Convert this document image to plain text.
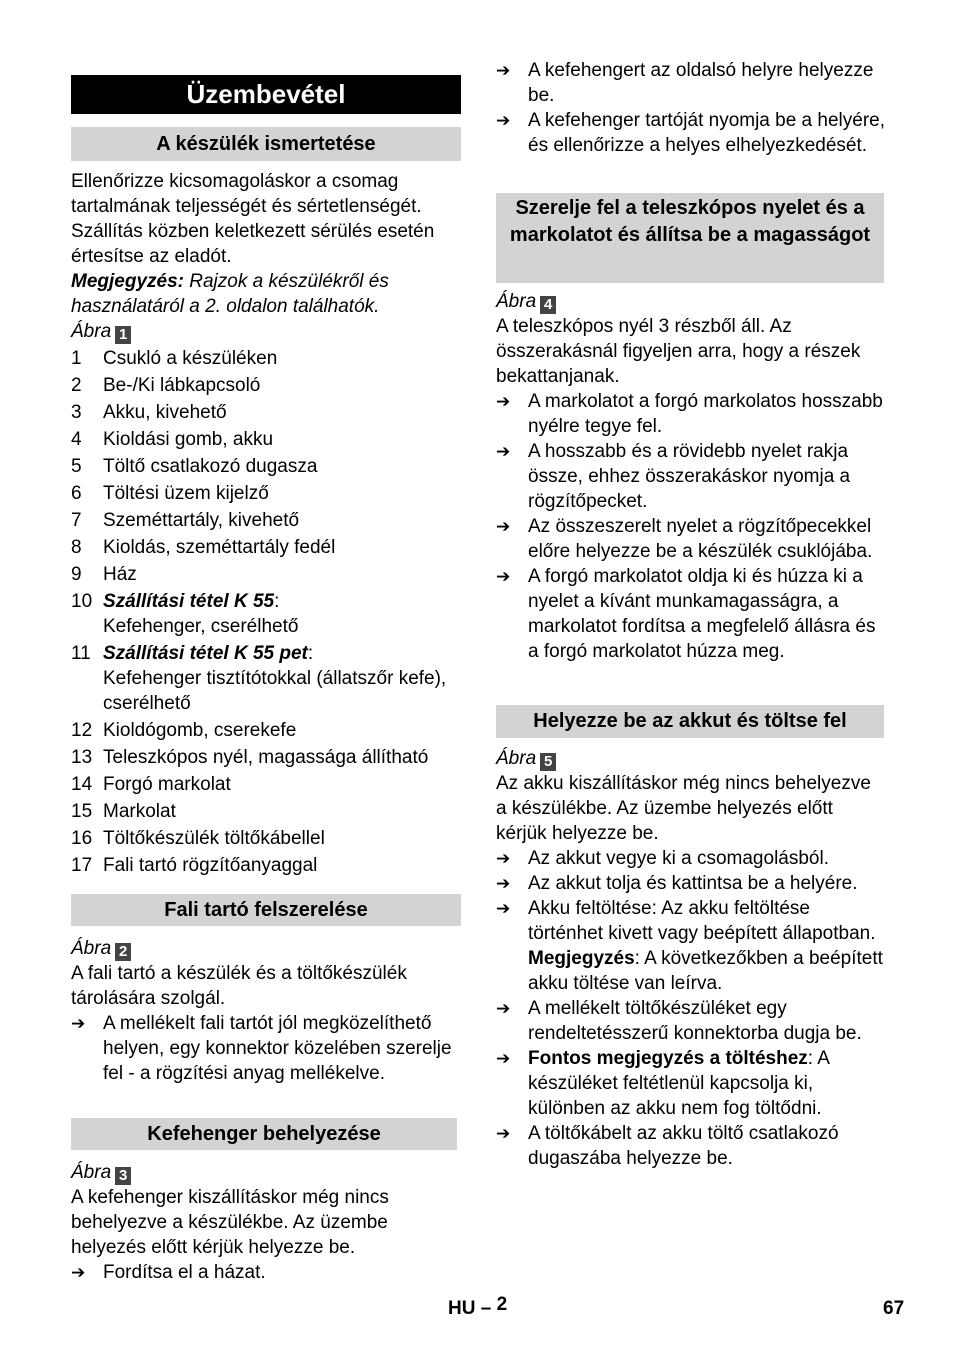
Üzembevétel
A készülék ismertetése

Ellenőrizze kicsomagoláskor a csomag tartalmának teljességét és sértetlenségét. Szállítás közben keletkezett sérülés esetén értesítse az eladót.

Megjegyzés: Rajzok a készülékről és használatáról a 2. oldalon találhatók.

Ábra 1

1	Csukló a készüléken
2	Be-/Ki lábkapcsoló
3	Akku, kivehető
4	Kioldási gomb, akku
5	Töltő csatlakozó dugasza
6	Töltési üzem kijelző
7	Szeméttartály, kivehető
8	Kioldás, szeméttartály fedél
9	Ház
10 Szállítási tétel K 55:
Kefehenger, cserélhető
11 Szállítási tétel K 55 pet:
Kefehenger tisztítótokkal (állatszőr kefe), cserélhető
12 Kioldógomb, cserekefe
13 Teleszkópos nyél, magassága állítható
14 Forgó markolat
15 Markolat
16 Töltőkészülék töltőkábellel
17 Fali tartó rögzítőanyaggal
Fali tartó felszerelése

Ábra 2

A fali tartó a készülék és a töltőkészülék tárolására szolgál.

➔ A mellékelt fali tartót jól megközelíthető helyen, egy konnektor közelében szerelje fel - a rögzítési anyag mellékelve.
Kefehenger behelyezése

Ábra 3

A kefehenger kiszállításkor még nincs behelyezve a készülékbe. Az üzembe helyezés előtt kérjük helyezze be.

➔ Fordítsa el a házat.
➔ A kefehengert az oldalsó helyre helyezze be.
➔ A kefehenger tartóját nyomja be a helyére, és ellenőrizze a helyes elhelyezkedését.
Szerelje fel a teleszkópos nyelet és a markolatot és állítsa be a magasságot

Ábra 4

A teleszkópos nyél 3 részből áll. Az összerakásnál figyeljen arra, hogy a részek bekattanjanak.

➔ A markolatot a forgó markolatos hosszabb nyélre tegye fel.
➔ A hosszabb és a rövidebb nyelet rakja össze, ehhez összerakáskor nyomja a rögzítőpecket.
➔ Az összeszerelt nyelet a rögzítőpecekkel előre helyezze be a készülék csuklójába.
➔ A forgó markolatot oldja ki és húzza ki a nyelet a kívánt munkamagasságra, a markolatot fordítsa a megfelelő állásra és a forgó markolatot húzza meg.
Helyezze be az akkut és töltse fel

Ábra 5

Az akku kiszállításkor még nincs behelyezve a készülékbe. Az üzembe helyezés előtt kérjük helyezze be.

➔ Az akkut vegye ki a csomagolásból.
➔ Az akkut tolja és kattintsa be a helyére.
➔ Akku feltöltése: Az akku feltöltése történhet kivett vagy beépített állapotban. Megjegyzés: A következőkben a beépített akku töltése van leírva.
➔ A mellékelt töltőkészüléket egy rendeltetésszerű konnektorba dugja be.
➔ Fontos megjegyzés a töltéshez: A készüléket feltétlenül kapcsolja ki, különben az akku nem fog töltődni.
➔ A töltőkábelt az akku töltő csatlakozó dugaszába helyezze be.
HU – 2	67
